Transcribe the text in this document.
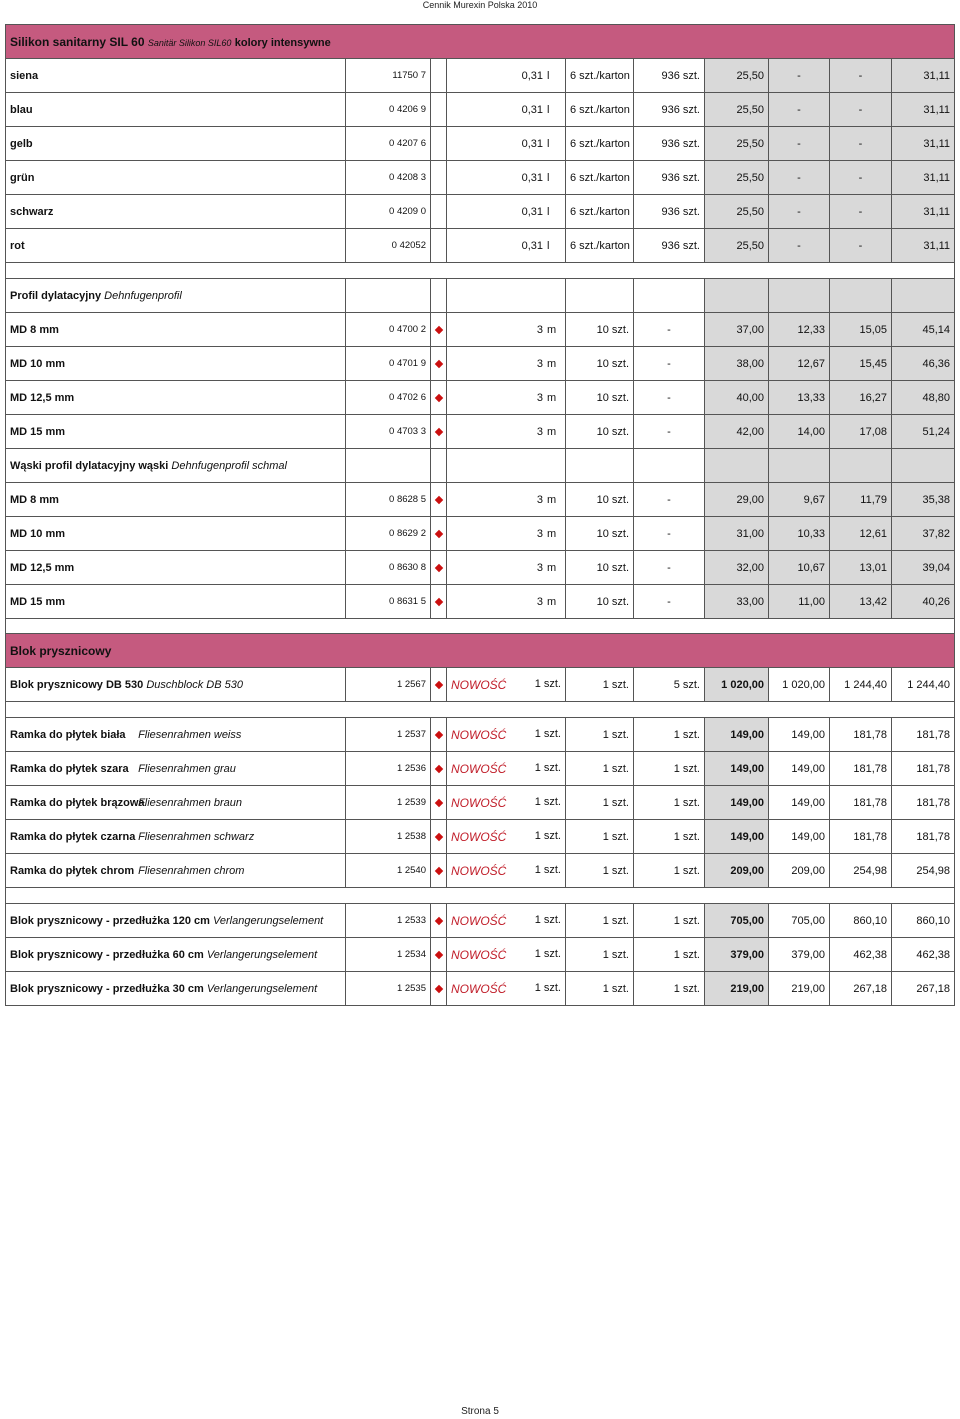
Cennik Murexin Polska 2010
Silikon sanitarny SIL 60 Sanitär Silikon SIL60 kolory intensywne									
siena	11750 7		0,31 l	6 szt./karton	936 szt.	25,50	-	-	31,11
blau	0 4206 9		0,31 l	6 szt./karton	936 szt.	25,50	-	-	31,11
gelb	0 4207 6		0,31 l	6 szt./karton	936 szt.	25,50	-	-	31,11
grün	0 4208 3		0,31 l	6 szt./karton	936 szt.	25,50	-	-	31,11
schwarz	0 4209 0		0,31 l	6 szt./karton	936 szt.	25,50	-	-	31,11
rot	0 42052		0,31 l	6 szt./karton	936 szt.	25,50	-	-	31,11

Profil dylatacyjny Dehnfugenprofil									
MD 8 mm	0 4700 2		3 m	10 szt.	-	37,00	12,33	15,05	45,14
MD 10 mm	0 4701 9		3 m	10 szt.	-	38,00	12,67	15,45	46,36
MD 12,5 mm	0 4702 6		3 m	10 szt.	-	40,00	13,33	16,27	48,80
MD 15 mm	0 4703 3		3 m	10 szt.	-	42,00	14,00	17,08	51,24
Wąski profil dylatacyjny wąski Dehnfugenprofil schmal									
MD 8 mm	0 8628 5		3 m	10 szt.	-	29,00	9,67	11,79	35,38
MD 10 mm	0 8629 2		3 m	10 szt.	-	31,00	10,33	12,61	37,82
MD 12,5 mm	0 8630 8		3 m	10 szt.	-	32,00	10,67	13,01	39,04
MD 15 mm	0 8631 5		3 m	10 szt.	-	33,00	11,00	13,42	40,26

Blok prysznicowy									
Blok prysznicowy DB 530 Duschblock DB 530	1 2567		NOWOŚĆ 1 szt.	1 szt.	5 szt.	1 020,00	1 020,00	1 244,40	1 244,40

Ramka do płytek biała Fliesenrahmen weiss	1 2537		NOWOŚĆ 1 szt.	1 szt.	1 szt.	149,00	149,00	181,78	181,78
Ramka do płytek szara Fliesenrahmen grau	1 2536		NOWOŚĆ 1 szt.	1 szt.	1 szt.	149,00	149,00	181,78	181,78
Ramka do płytek brązowa Fliesenrahmen braun	1 2539		NOWOŚĆ 1 szt.	1 szt.	1 szt.	149,00	149,00	181,78	181,78
Ramka do płytek czarna Fliesenrahmen schwarz	1 2538		NOWOŚĆ 1 szt.	1 szt.	1 szt.	149,00	149,00	181,78	181,78
Ramka do płytek chrom Fliesenrahmen chrom	1 2540		NOWOŚĆ 1 szt.	1 szt.	1 szt.	209,00	209,00	254,98	254,98

Blok prysznicowy - przedłużka 120 cm Verlangerungselement	1 2533		NOWOŚĆ 1 szt.	1 szt.	1 szt.	705,00	705,00	860,10	860,10
Blok prysznicowy - przedłużka 60 cm Verlangerungselement	1 2534		NOWOŚĆ 1 szt.	1 szt.	1 szt.	379,00	379,00	462,38	462,38
Blok prysznicowy - przedłużka 30 cm Verlangerungselement	1 2535		NOWOŚĆ 1 szt.	1 szt.	1 szt.	219,00	219,00	267,18	267,18
Strona 5
